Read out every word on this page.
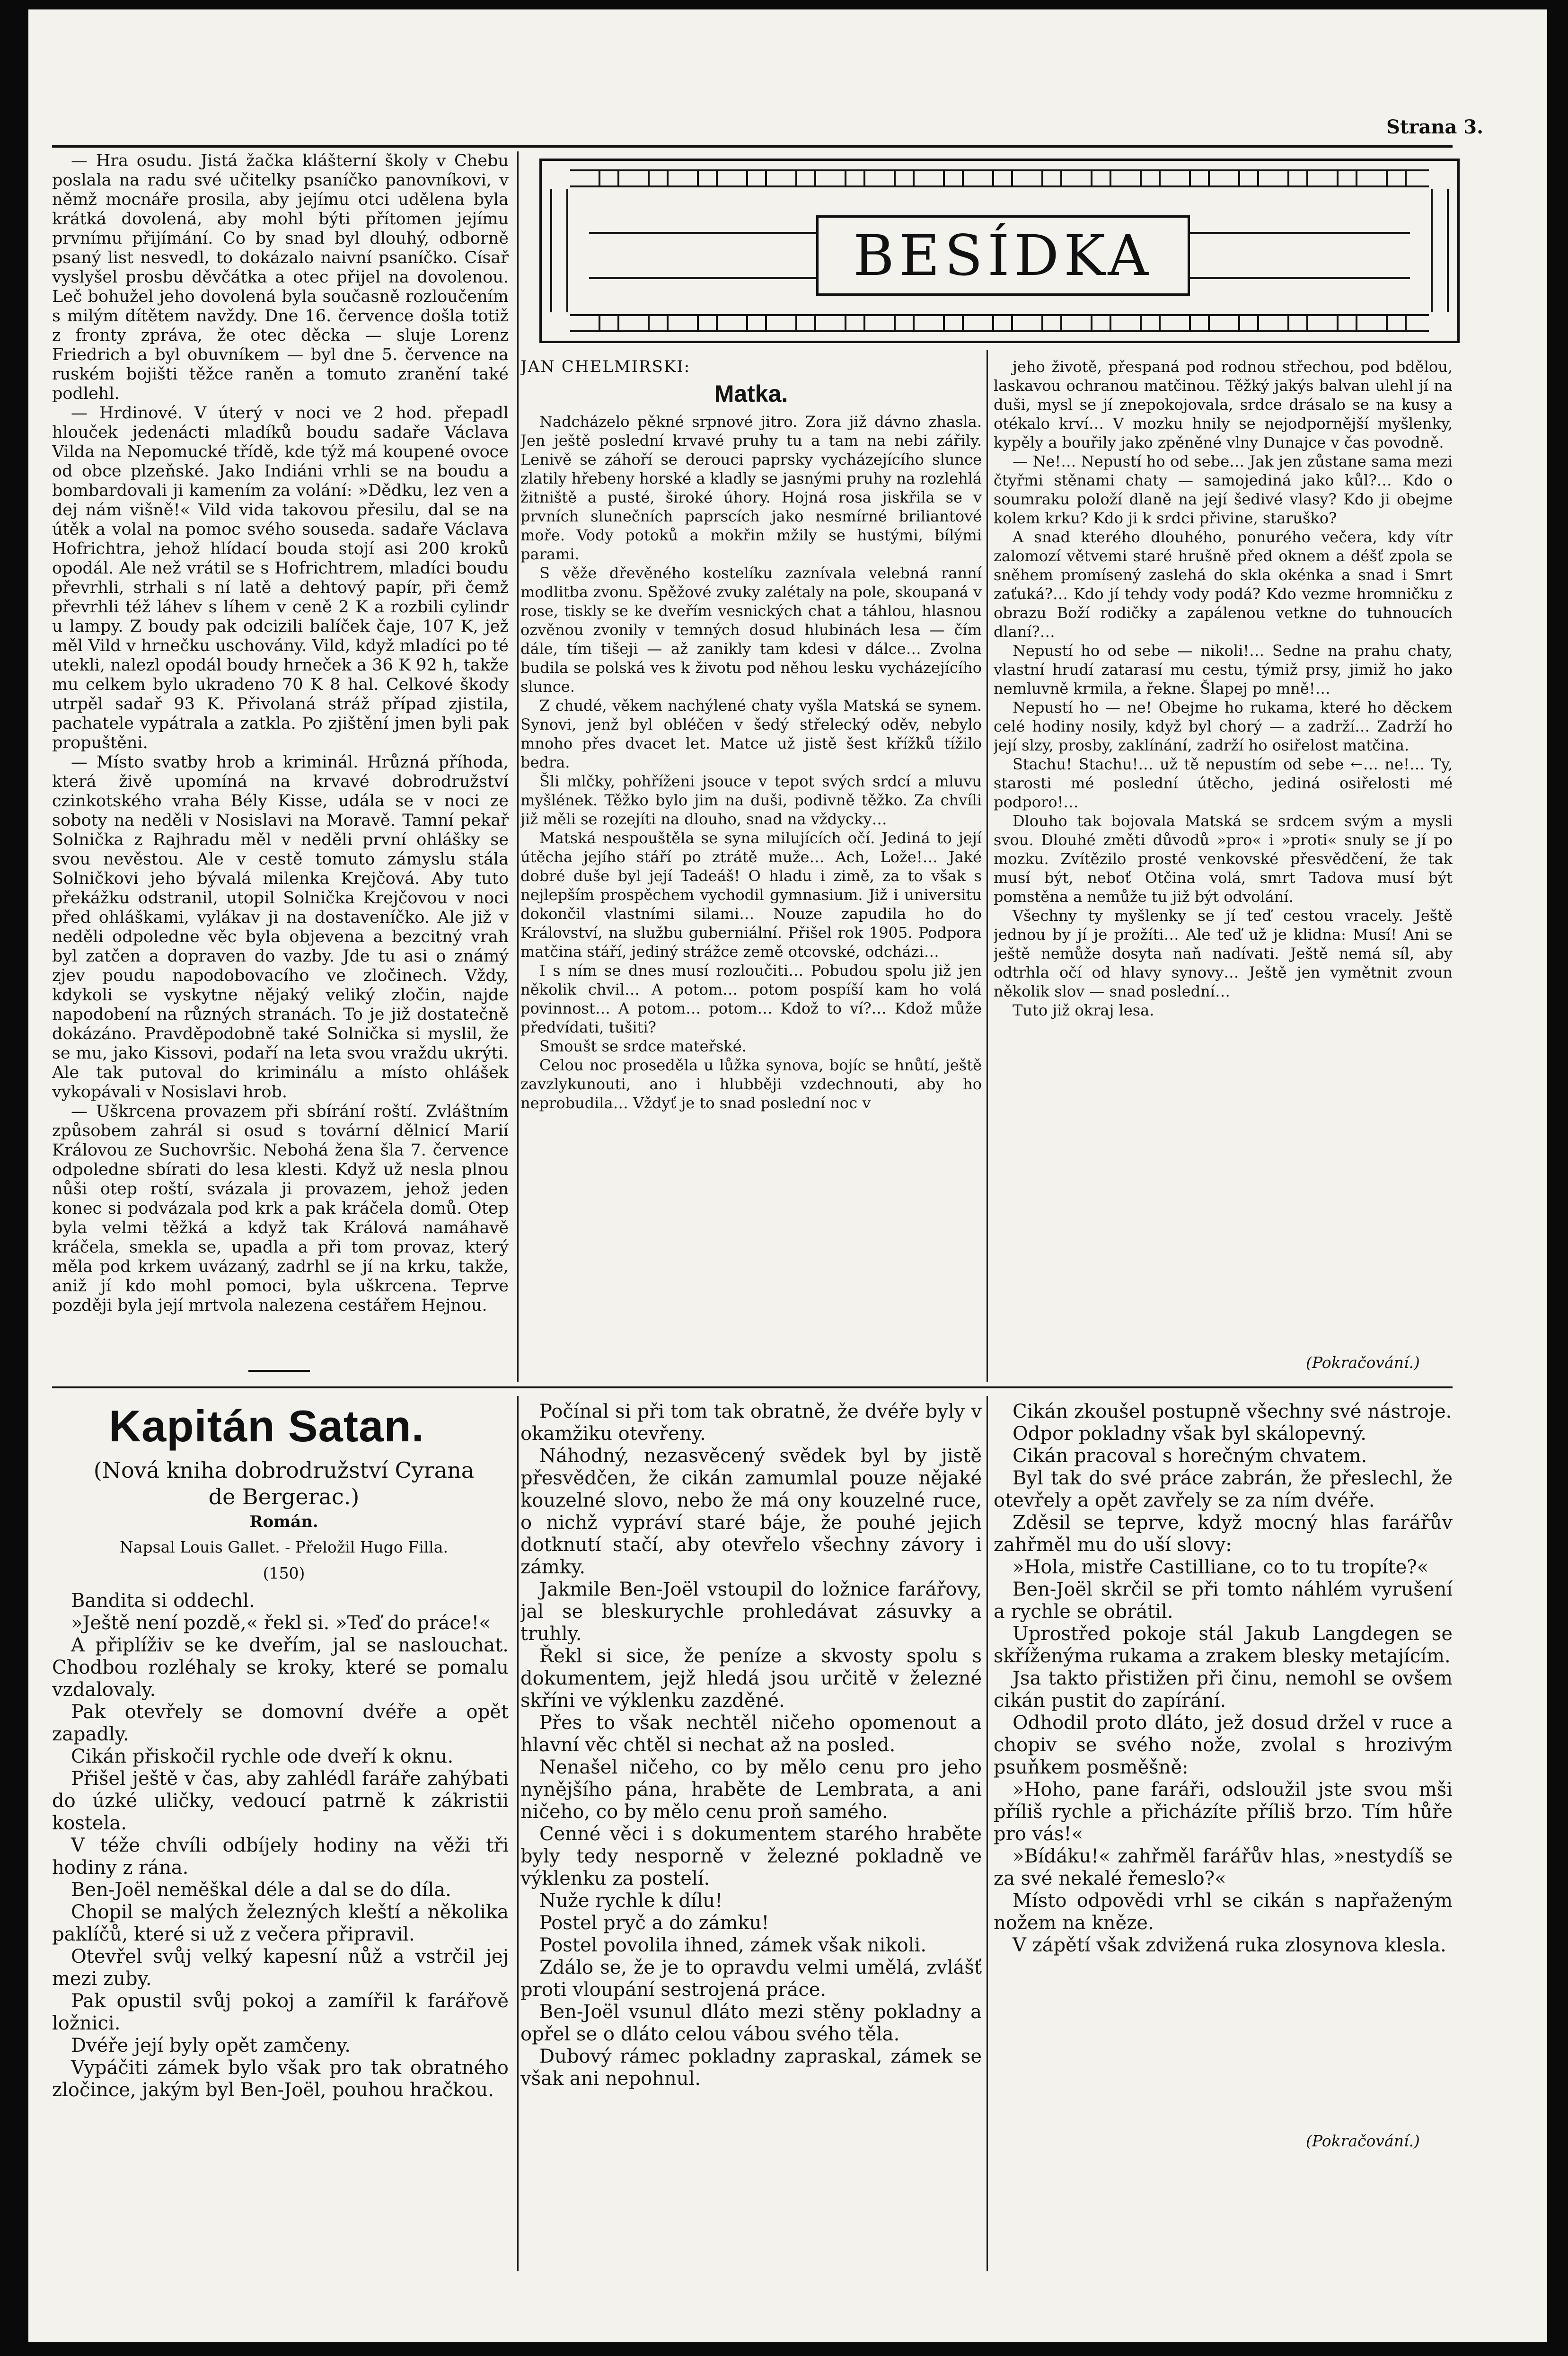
Strana 3.

— Hra osudu. Jistá žačka klášterní školy v Chebu poslala na radu své učitelky psaníčko panovníkovi, v němž mocnáře prosila, aby jejímu otci udělena byla krátká dovolená, aby mohl býti přítomen jejímu prvnímu přijímání. Co by snad byl dlouhý, odborně psaný list nesvedl, to dokázalo naivní psaníčko. Císař vyslyšel prosbu děvčátka a otec přijel na dovolenou. Leč bohužel jeho dovolená byla současně rozloučením s milým dítětem navždy. Dne 16. července došla totiž z fronty zpráva, že otec děcka — sluje Lorenz Friedrich a byl obuvníkem — byl dne 5. července na ruském bojišti těžce raněn a tomuto zranění také podlehl.

— Hrdinové. V úterý v noci ve 2 hod. přepadl hlouček jedenácti mladíků boudu sadaře Václava Vilda na Nepomucké třídě, kde týž má koupené ovoce od obce plzeňské. Jako Indiáni vrhli se na boudu a bombardovali ji kamením za volání: »Dědku, lez ven a dej nám višně!« Vild vida takovou přesilu, dal se na útěk a volal na pomoc svého souseda. sadaře Václava Hofrichtra, jehož hlídací bouda stojí asi 200 kroků opodál. Ale než vrátil se s Hofrichtrem, mladíci boudu převrhli, strhali s ní latě a dehtový papír, při čemž převrhli též láhev s líhem v ceně 2 K a rozbili cylindr u lampy. Z boudy pak odcizili balíček čaje, 107 K, jež měl Vild v hrnečku uschovány. Vild, když mladíci po té utekli, nalezl opodál boudy hrneček a 36 K 92 h, takže mu celkem bylo ukradeno 70 K 8 hal. Celkové škody utrpěl sadař 93 K. Přivolaná stráž případ zjistila, pachatele vypátrala a zatkla. Po zjištění jmen byli pak propuštěni.

— Místo svatby hrob a kriminál. Hrůzná příhoda, která živě upomíná na krvavé dobrodružství czinkotského vraha Bély Kisse, udála se v noci ze soboty na neděli v Nosislavi na Moravě. Tamní pekař Solnička z Rajhradu měl v neděli první ohlášky se svou nevěstou. Ale v cestě tomuto zámyslu stála Solničkovi jeho bývalá milenka Krejčová. Aby tuto překážku odstranil, utopil Solnička Krejčovou v noci před ohláškami, vylákav ji na dostaveníčko. Ale již v neděli odpoledne věc byla objevena a bezcitný vrah byl zatčen a dopraven do vazby. Jde tu asi o známý zjev poudu napodobovacího ve zločinech. Vždy, kdykoli se vyskytne nějaký veliký zločin, najde napodobení na různých stranách. To je již dostatečně dokázáno. Pravděpodobně také Solnička si myslil, že se mu, jako Kissovi, podaří na leta svou vraždu ukrýti. Ale tak putoval do kriminálu a místo ohlášek vykopávali v Nosislavi hrob.

— Uškrcena provazem při sbírání roští. Zvláštním způsobem zahrál si osud s tovární dělnicí Marií Královou ze Suchovršic. Nebohá žena šla 7. července odpoledne sbírati do lesa klesti. Když už nesla plnou nůši otep roští, svázala ji provazem, jehož jeden konec si podvázala pod krk a pak kráčela domů. Otep byla velmi těžká a když tak Králová namáhavě kráčela, smekla se, upadla a při tom provaz, který měla pod krkem uvázaný, zadrhl se jí na krku, takže, aniž jí kdo mohl pomoci, byla uškrcena. Teprve později byla její mrtvola nalezena cestářem Hejnou.

BESÍDKA
JAN CHELMIRSKI:
Matka.

Nadcházelo pěkné srpnové jitro. Zora již dávno zhasla. Jen ještě poslední krvavé pruhy tu a tam na nebi zářily. Lenivě se záhoří se derouci paprsky vycházejícího slunce zlatily hřebeny horské a kladly se jasnými pruhy na rozlehlá žitniště a pusté, široké úhory. Hojná rosa jiskřila se v prvních slunečních paprscích jako nesmírné briliantové moře. Vody potoků a mokřin mžily se hustými, bílými parami.

S věže dřevěného kostelíku zaznívala velebná ranní modlitba zvonu. Spěžové zvuky zalétaly na pole, skoupaná v rose, tiskly se ke dveřím vesnických chat a táhlou, hlasnou ozvěnou zvonily v temných dosud hlubinách lesa — čím dále, tím tišeji — až zanikly tam kdesi v dálce… Zvolna budila se polská ves k životu pod něhou lesku vycházejícího slunce.

Z chudé, věkem nachýlené chaty vyšla Matská se synem. Synovi, jenž byl obléčen v šedý střelecký oděv, nebylo mnoho přes dvacet let. Matce už jistě šest křížků tížilo bedra.

Šli mlčky, pohříženi jsouce v tepot svých srdcí a mluvu myšlének. Těžko bylo jim na duši, podivně těžko. Za chvíli již měli se rozejíti na dlouho, snad na vždycky…

Matská nespouštěla se syna milujících očí. Jediná to její útěcha jejího stáří po ztrátě muže… Ach, Lože!… Jaké dobré duše byl její Tadeáš! O hladu i zimě, za to však s nejlepším prospěchem vychodil gymnasium. Již i universitu dokončil vlastními silami… Nouze zapudila ho do Království, na službu guberniální. Přišel rok 1905. Podpora matčina stáří, jediný strážce země otcovské, odcházi…

I s ním se dnes musí rozloučiti… Pobudou spolu již jen několik chvil… A potom… potom pospíší kam ho volá povinnost… A potom… potom… Kdož to ví?… Kdož může předvídati, tušiti?

Smoušt se srdce mateřské.

Celou noc proseděla u lůžka synova, bojíc se hnůtí, ještě zavzlykunouti, ano i hlubběji vzdechnouti, aby ho neprobudila… Vždyť je to snad poslední noc v

jeho životě, přespaná pod rodnou střechou, pod bdělou, laskavou ochranou matčinou. Těžký jakýs balvan ulehl jí na duši, mysl se jí znepokojovala, srdce drásalo se na kusy a otékalo krví… V mozku hnily se nejodpornější myšlenky, kypěly a bouřily jako zpěněné vlny Dunajce v čas povodně.

— Ne!… Nepustí ho od sebe… Jak jen zůstane sama mezi čtyřmi stěnami chaty — samojediná jako kůl?… Kdo o soumraku položí dlaně na její šedivé vlasy? Kdo ji obejme kolem krku? Kdo ji k srdci přivine, staruško?

A snad kterého dlouhého, ponurého večera, kdy vítr zalomozí větvemi staré hrušně před oknem a déšť zpola se sněhem promísený zaslehá do skla okénka a snad i Smrt zaťuká?… Kdo jí tehdy vody podá? Kdo vezme hromničku z obrazu Boží rodičky a zapálenou vetkne do tuhnoucích dlaní?…

Nepustí ho od sebe — nikoli!… Sedne na prahu chaty, vlastní hrudí zatarasí mu cestu, týmiž prsy, jimiž ho jako nemluvně krmila, a řekne. Šlapej po mně!…

Nepustí ho — ne! Obejme ho rukama, které ho děckem celé hodiny nosily, když byl chorý — a zadrží… Zadrží ho její slzy, prosby, zaklínání, zadrží ho osiřelost matčina.

Stachu! Stachu!… už tě nepustím od sebe ←… ne!… Ty, starosti mé poslední útěcho, jediná osiřelosti mé podporo!…

Dlouho tak bojovala Matská se srdcem svým a mysli svou. Dlouhé změti důvodů »pro« i »proti« snuly se jí po mozku. Zvítězilo prosté venkovské přesvědčení, že tak musí být, neboť Otčina volá, smrt Tadova musí být pomstěna a nemůže tu již být odvolání.

Všechny ty myšlenky se jí teď cestou vracely. Ještě jednou by jí je prožíti… Ale teď už je klidna: Musí! Ani se ještě nemůže dosyta naň nadívati. Ještě nemá síl, aby odtrhla očí od hlavy synovy… Ještě jen vymětnit zvoun několik slov — snad poslední…

Tuto již okraj lesa.

(Pokračování.)
Kapitán Satan.
(Nová kniha dobrodružství Cyrana
de Bergerac.)
Román.
Napsal Louis Gallet. - Přeložil Hugo Filla.
(150)

Bandita si oddechl.

»Ještě není pozdě,« řekl si. »Teď do práce!«

A připlíživ se ke dveřím, jal se naslouchat. Chodbou rozléhaly se kroky, které se pomalu vzdalovaly.

Pak otevřely se domovní dvéře a opět zapadly.

Cikán přiskočil rychle ode dveří k oknu.

Přišel ještě v čas, aby zahlédl faráře zahýbati do úzké uličky, vedoucí patrně k zákristii kostela.

V téže chvíli odbíjely hodiny na věži tři hodiny z rána.

Ben-Joël neměškal déle a dal se do díla.

Chopil se malých železných kleští a několika paklíčů, které si už z večera připravil.

Otevřel svůj velký kapesní nůž a vstrčil jej mezi zuby.

Pak opustil svůj pokoj a zamířil k farářově ložnici.

Dvéře její byly opět zamčeny.

Vypáčiti zámek bylo však pro tak obratného zločince, jakým byl Ben-Joël, pouhou hračkou.

Počínal si při tom tak obratně, že dvéře byly v okamžiku otevřeny.

Náhodný, nezasvěcený svědek byl by jistě přesvědčen, že cikán zamumlal pouze nějaké kouzelné slovo, nebo že má ony kouzelné ruce, o nichž vypráví staré báje, že pouhé jejich dotknutí stačí, aby otevřelo všechny závory i zámky.

Jakmile Ben-Joël vstoupil do ložnice farářovy, jal se bleskurychle prohledávat zásuvky a truhly.

Řekl si sice, že peníze a skvosty spolu s dokumentem, jejž hledá jsou určitě v železné skříni ve výklenku zazděné.

Přes to však nechtěl ničeho opomenout a hlavní věc chtěl si nechat až na posled.

Nenašel ničeho, co by mělo cenu pro jeho nynějšího pána, hraběte de Lembrata, a ani ničeho, co by mělo cenu proň samého.

Cenné věci i s dokumentem starého hraběte byly tedy nesporně v železné pokladně ve výklenku za postelí.

Nuže rychle k dílu!

Postel pryč a do zámku!

Postel povolila ihned, zámek však nikoli.

Zdálo se, že je to opravdu velmi umělá, zvlášť proti vloupání sestrojená práce.

Ben-Joël vsunul dláto mezi stěny pokladny a opřel se o dláto celou vábou svého těla.

Dubový rámec pokladny zapraskal, zámek se však ani nepohnul.

Cikán zkoušel postupně všechny své nástroje.

Odpor pokladny však byl skálopevný.

Cikán pracoval s horečným chvatem.

Byl tak do své práce zabrán, že přeslechl, že otevřely a opět zavřely se za ním dvéře.

Zděsil se teprve, když mocný hlas farářův zahřměl mu do uší slovy:

»Hola, mistře Castilliane, co to tu tropíte?«

Ben-Joël skrčil se při tomto náhlém vyrušení a rychle se obrátil.

Uprostřed pokoje stál Jakub Langdegen se skříženýma rukama a zrakem blesky metajícím.

Jsa takto přistižen při činu, nemohl se ovšem cikán pustit do zapírání.

Odhodil proto dláto, jež dosud držel v ruce a chopiv se svého nože, zvolal s hrozivým psuňkem posměšně:

»Hoho, pane faráři, odsloužil jste svou mši příliš rychle a přicházíte příliš brzo. Tím hůře pro vás!«

»Bídáku!« zahřměl farářův hlas, »nestydíš se za své nekalé řemeslo?«

Místo odpovědi vrhl se cikán s napřaženým nožem na kněze.

V zápětí však zdvižená ruka zlosynova klesla.

(Pokračování.)
